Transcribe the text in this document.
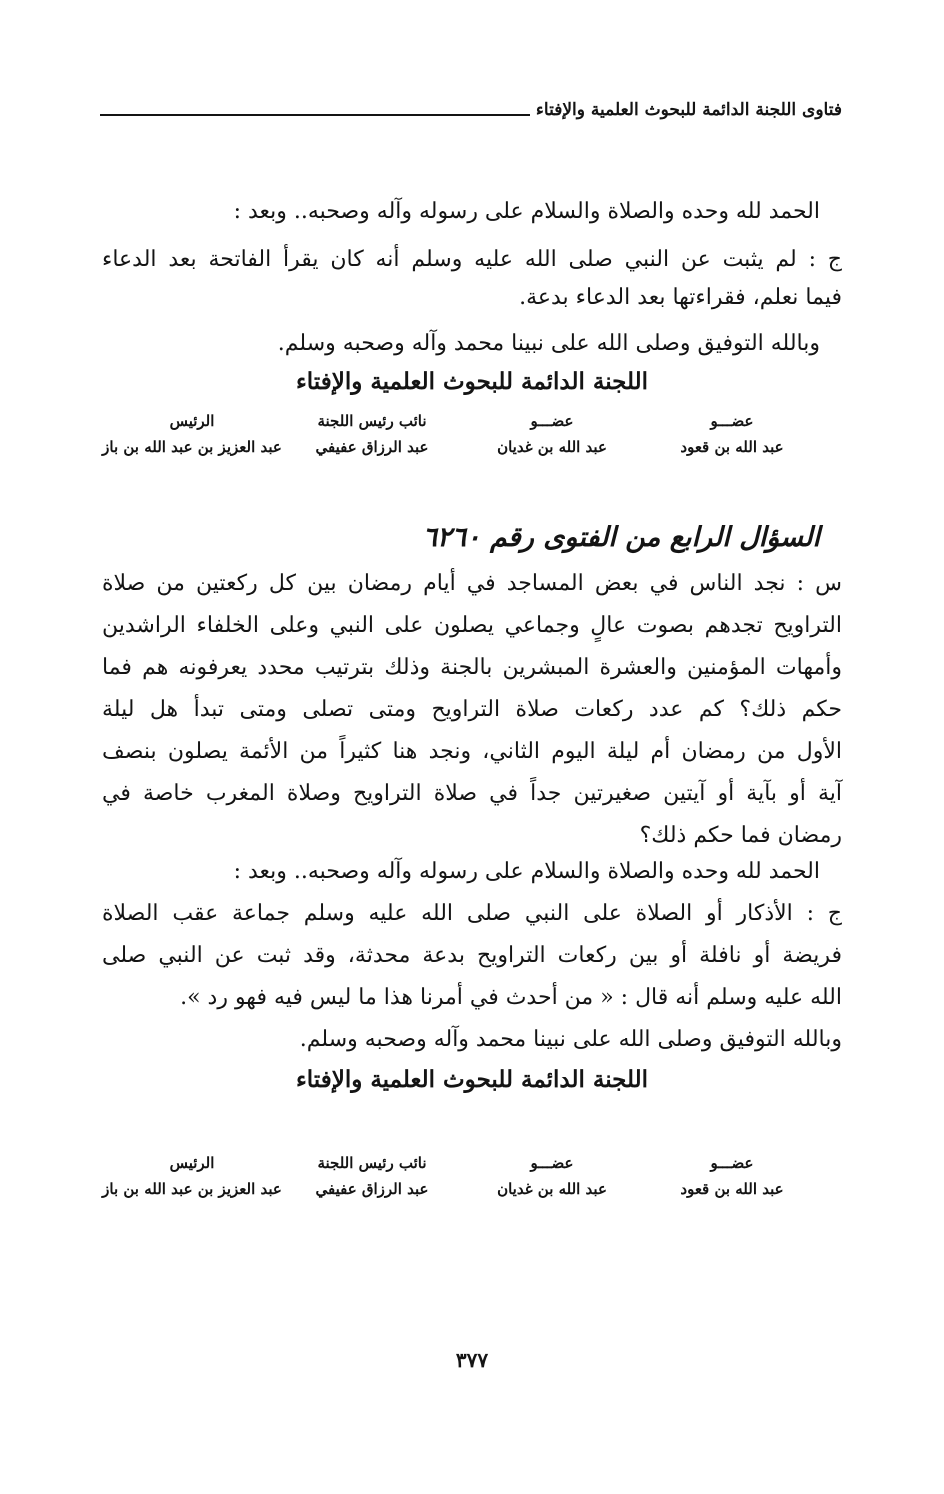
فتاوى اللجنة الدائمة للبحوث العلمية والإفتاء
الحمد لله وحده والصلاة والسلام على رسوله وآله وصحبه.. وبعد :
ج : لم يثبت عن النبي صلى الله عليه وسلم أنه كان يقرأ الفاتحة بعد الدعاء
فيما نعلم، فقراءتها بعد الدعاء بدعة.
وبالله التوفيق وصلى الله على نبينا محمد وآله وصحبه وسلم.
اللجنة الدائمة للبحوث العلمية والإفتاء
عضـــو
عبد الله بن قعود
عضـــو
عبد الله بن غديان
نائب رئيس اللجنة
عبد الرزاق عفيفي
الرئيس
عبد العزيز بن عبد الله بن باز
السؤال الرابع من الفتوى رقم ٦٢٦٠
س : نجد الناس في بعض المساجد في أيام رمضان بين كل ركعتين من صلاة
التراويح تجدهم بصوت عالٍ وجماعي يصلون على النبي وعلى الخلفاء الراشدين
وأمهات المؤمنين والعشرة المبشرين بالجنة وذلك بترتيب محدد يعرفونه هم فما
حكم ذلك؟ كم عدد ركعات صلاة التراويح ومتى تصلى ومتى تبدأ هل ليلة
الأول من رمضان أم ليلة اليوم الثاني، ونجد هنا كثيراً من الأئمة يصلون بنصف
آية أو بآية أو آيتين صغيرتين جداً في صلاة التراويح وصلاة المغرب خاصة في
رمضان فما حكم ذلك؟
الحمد لله وحده والصلاة والسلام على رسوله وآله وصحبه.. وبعد :
ج : الأذكار أو الصلاة على النبي صلى الله عليه وسلم جماعة عقب الصلاة
فريضة أو نافلة أو بين ركعات التراويح بدعة محدثة، وقد ثبت عن النبي صلى
الله عليه وسلم أنه قال : « من أحدث في أمرنا هذا ما ليس فيه فهو رد ».
وبالله التوفيق وصلى الله على نبينا محمد وآله وصحبه وسلم.
اللجنة الدائمة للبحوث العلمية والإفتاء
عضـــو
عبد الله بن قعود
عضـــو
عبد الله بن غديان
نائب رئيس اللجنة
عبد الرزاق عفيفي
الرئيس
عبد العزيز بن عبد الله بن باز
٣٧٧
